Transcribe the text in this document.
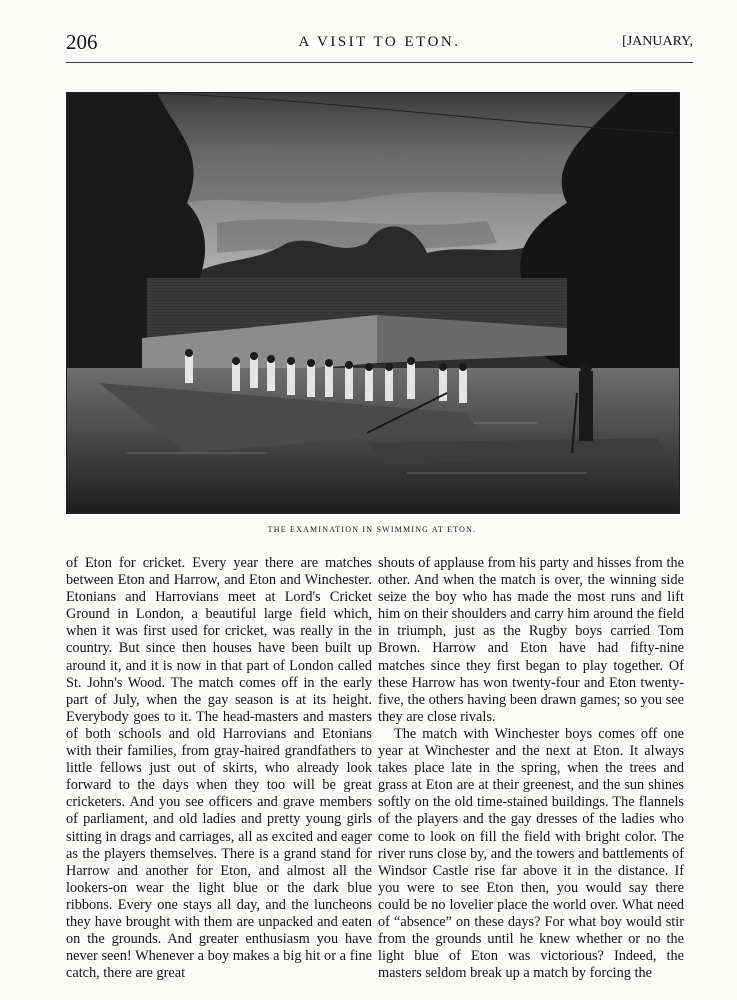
206	A VISIT TO ETON.	[JANUARY,
THE EXAMINATION IN SWIMMING AT ETON.

of Eton for cricket. Every year there are matches between Eton and Harrow, and Eton and Winchester. Etonians and Harrovians meet at Lord's Cricket Ground in London, a beautiful large field which, when it was first used for cricket, was really in the country. But since then houses have been built up around it, and it is now in that part of London called St. John's Wood. The match comes off in the early part of July, when the gay season is at its height. Everybody goes to it. The head-masters and masters of both schools and old Harrovians and Etonians with their families, from gray-haired grandfathers to little fellows just out of skirts, who already look forward to the days when they too will be great cricketers. And you see officers and grave members of parliament, and old ladies and pretty young girls sitting in drags and carriages, all as excited and eager as the players themselves. There is a grand stand for Harrow and another for Eton, and almost all the lookers-on wear the light blue or the dark blue ribbons. Every one stays all day, and the luncheons they have brought with them are unpacked and eaten on the grounds. And greater enthusiasm you have never seen! Whenever a boy makes a big hit or a fine catch, there are great

shouts of applause from his party and hisses from the other. And when the match is over, the winning side seize the boy who has made the most runs and lift him on their shoulders and carry him around the field in triumph, just as the Rugby boys carried Tom Brown. Harrow and Eton have had fifty-nine matches since they first began to play together. Of these Harrow has won twenty-four and Eton twenty-five, the others having been drawn games; so you see they are close rivals.

The match with Winchester boys comes off one year at Winchester and the next at Eton. It always takes place late in the spring, when the trees and grass at Eton are at their greenest, and the sun shines softly on the old time-stained buildings. The flannels of the players and the gay dresses of the ladies who come to look on fill the field with bright color. The river runs close by, and the towers and battlements of Windsor Castle rise far above it in the distance. If you were to see Eton then, you would say there could be no lovelier place the world over. What need of “absence” on these days? For what boy would stir from the grounds until he knew whether or no the light blue of Eton was victorious? Indeed, the masters seldom break up a match by forcing the
